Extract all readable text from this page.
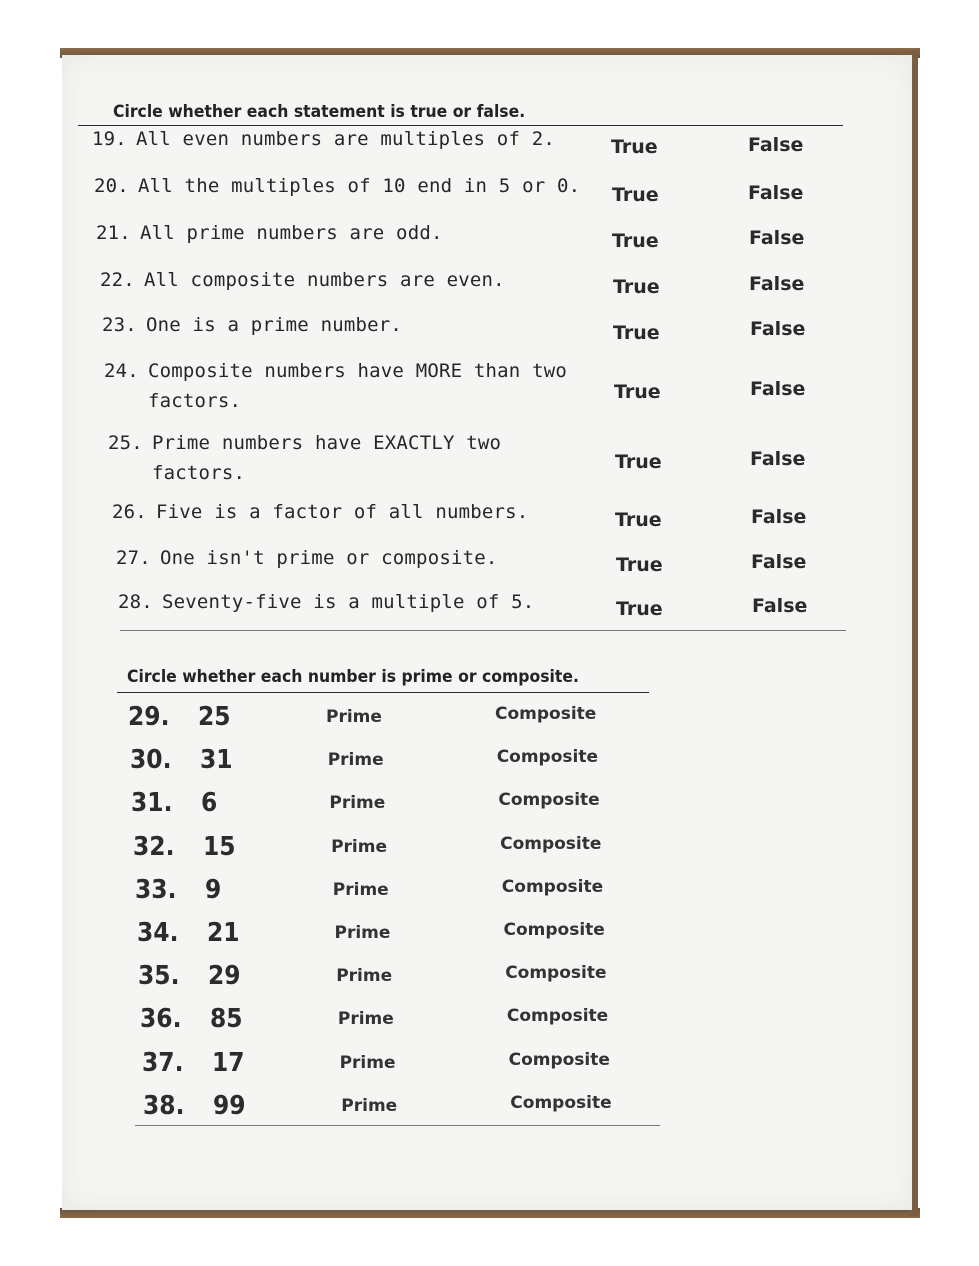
Circle whether each statement is true or false.
19. All even numbers are multiples of 2.	True	False
20. All the multiples of 10 end in 5 or 0. True	False
21. All prime numbers are odd.	True	False
22. All composite numbers are even.	True	False
23. One is a prime number.	True	False
24. Composite numbers have MORE than two
factors.	True	False
25. Prime numbers have EXACTLY two
factors.	True	False
26. Five is a factor of all numbers.	True	False
27. One isn't prime or composite.	True	False
28. Seventy-five is a multiple of 5.	True	False
Circle whether each number is prime or composite.
29. 25	Prime	Composite
30. 31	Prime	Composite
31. 6	Prime	Composite
32. 15	Prime	Composite
33. 9	Prime	Composite
34. 21	Prime	Composite
35. 29	Prime	Composite
36. 85	Prime	Composite
37. 17	Prime	Composite
38. 99	Prime	Composite
